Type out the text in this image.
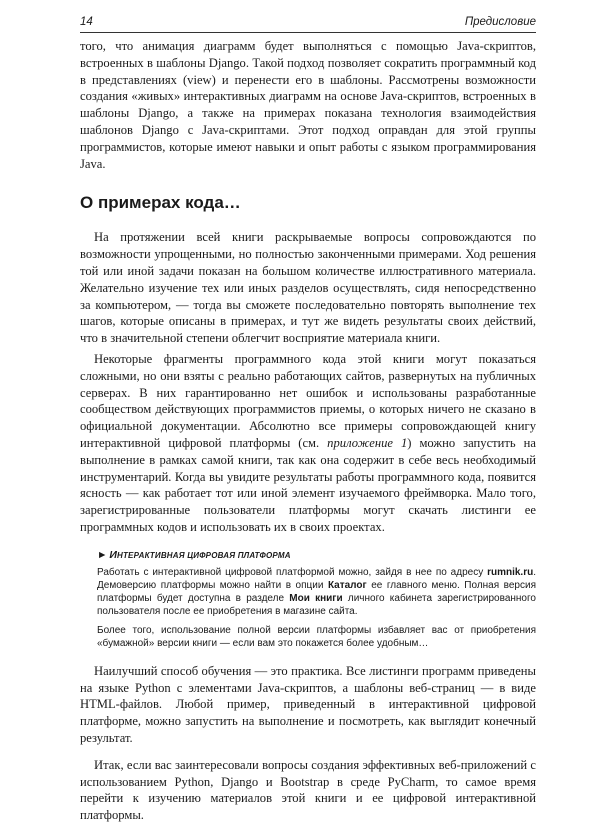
14	Предисловие

того, что анимация диаграмм будет выполняться с помощью Java-скриптов, встроенных в шаблоны Django. Такой подход позволяет сократить программный код в представлениях (view) и перенести его в шаблоны. Рассмотрены возможности создания «живых» интерактивных диаграмм на основе Java-скриптов, встроенных в шаблоны Django, а также на примерах показана технология взаимодействия шаблонов Django с Java-скриптами. Этот подход оправдан для этой группы программистов, которые имеют навыки и опыт работы с языком программирования Java.

О примерах кода…

На протяжении всей книги раскрываемые вопросы сопровождаются по возможности упрощенными, но полностью законченными примерами. Ход решения той или иной задачи показан на большом количестве иллюстративного материала. Желательно изучение тех или иных разделов осуществлять, сидя непосредственно за компьютером, — тогда вы сможете последовательно повторять выполнение тех шагов, которые описаны в примерах, и тут же видеть результаты своих действий, что в значительной степени облегчит восприятие материала книги.

Некоторые фрагменты программного кода этой книги могут показаться сложными, но они взяты с реально работающих сайтов, развернутых на публичных серверах. В них гарантированно нет ошибок и использованы разработанные сообществом действующих программистов приемы, о которых ничего не сказано в официальной документации. Абсолютно все примеры сопровождающей книгу интерактивной цифровой платформы (см. приложение 1) можно запустить на выполнение в рамках самой книги, так как она содержит в себе весь необходимый инструментарий. Когда вы увидите результаты работы программного кода, появится ясность — как работает тот или иной элемент изучаемого фреймворка. Мало того, зарегистрированные пользователи платформы могут скачать листинги ее программных кодов и использовать их в своих проектах.

► ИНТЕРАКТИВНАЯ ЦИФРОВАЯ ПЛАТФОРМА

Работать с интерактивной цифровой платформой можно, зайдя в нее по адресу rumnik.ru. Демоверсию платформы можно найти в опции Каталог ее главного меню. Полная версия платформы будет доступна в разделе Мои книги личного кабинета зарегистрированного пользователя после ее приобретения в магазине сайта.

Более того, использование полной версии платформы избавляет вас от приобретения «бумажной» версии книги — если вам это покажется более удобным…

Наилучший способ обучения — это практика. Все листинги программ приведены на языке Python с элементами Java-скриптов, а шаблоны веб-страниц — в виде HTML-файлов. Любой пример, приведенный в интерактивной цифровой платформе, можно запустить на выполнение и посмотреть, как выглядит конечный результат.

Итак, если вас заинтересовали вопросы создания эффективных веб-приложений с использованием Python, Django и Bootstrap в среде PyCharm, то самое время перейти к изучению материалов этой книги и ее цифровой интерактивной платформы.
